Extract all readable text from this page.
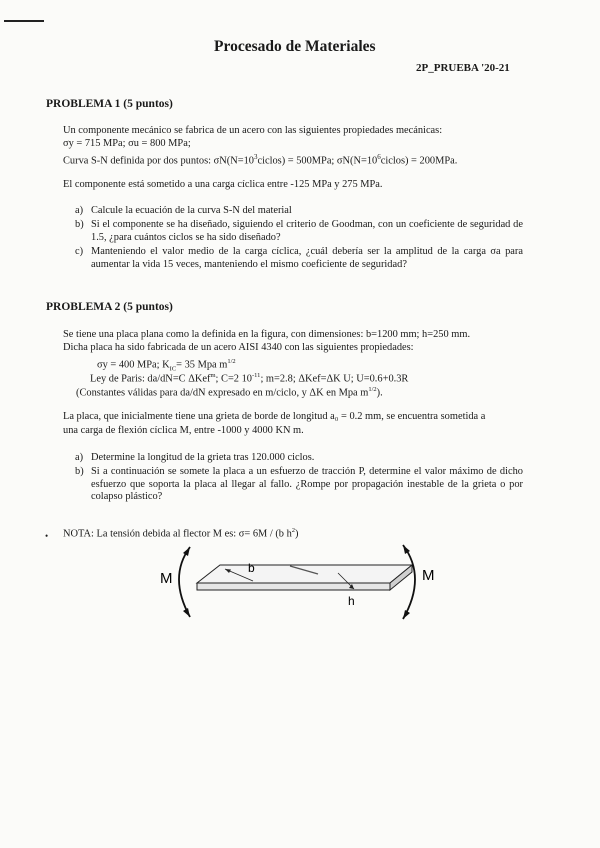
Procesado de Materiales
2P_PRUEBA '20-21
PROBLEMA 1 (5 puntos)
Un componente mecánico se fabrica de un acero con las siguientes propiedades mecánicas:
σy = 715 MPa; σu = 800 MPa;
Curva S-N definida por dos puntos: $\sigma N(N=10^3ciclos) = 500MPa$; $\sigma N(N=10^6ciclos) = 200MPa$.
El componente está sometido a una carga cíclica entre -125 MPa y 275 MPa.
a) Calcule la ecuación de la curva S-N del material
b) Si el componente se ha diseñado, siguiendo el criterio de Goodman, con un coeficiente de seguridad de 1.5, ¿para cuántos ciclos se ha sido diseñado?
c) Manteniendo el valor medio de la carga cíclica, ¿cuál debería ser la amplitud de la carga σa para aumentar la vida 15 veces, manteniendo el mismo coeficiente de seguridad?
PROBLEMA 2 (5 puntos)
Se tiene una placa plana como la definida en la figura, con dimensiones: b=1200 mm; h=250 mm.
Dicha placa ha sido fabricada de un acero AISI 4340 con las siguientes propiedades:
σy = 400 MPa; $K_{IC}= 35$ Mpa $m^{1/2}$
Ley de Paris: da/dN=C ΔKef$^m$; C=2 $10^{-11}$; m=2.8; ΔKef=ΔK U; U=0.6+0.3R
(Constantes válidas para da/dN expresado en m/ciclo, y ΔK en Mpa $m^{1/2}$).
La placa, que inicialmente tiene una grieta de borde de longitud a₀ = 0.2 mm, se encuentra sometida a
una carga de flexión cíclica M, entre -1000 y 4000 KN m.
a) Determine la longitud de la grieta tras 120.000 ciclos.
b) Si a continuación se somete la placa a un esfuerzo de tracción P, determine el valor máximo de dicho esfuerzo que soporta la placa al llegar al fallo. ¿Rompe por propagación inestable de la grieta o por colapso plástico?
• NOTA: La tensión debida al flector M es: σ= 6M / (b $h^2$)
b
h
M	M
